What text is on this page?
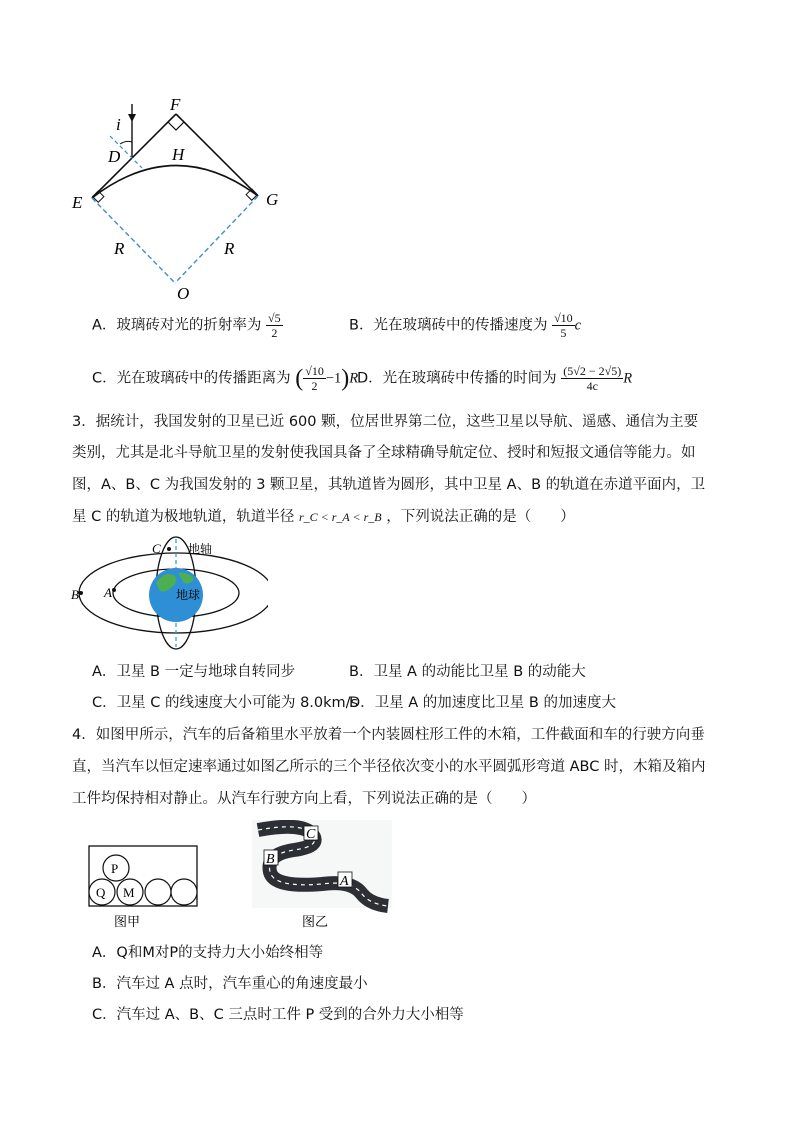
F
i
D	H
E	G
R	R
O
A．玻璃砖对光的折射率为 $\frac{√5}{2}$	B．光在玻璃砖中的传播速度为 $\frac{√10}{5}$ c
C．光在玻璃砖中的传播距离为 ( $\frac{√10}{2} -1)R$
D．光在玻璃砖中传播的时间为 $\frac{(5√2 - 2√5)}{4c}$ R
3．据统计，我国发射的卫星已近 600 颗，位居世界第二位，这些卫星以导航、遥感、通信为主要
类别，尤其是北斗导航卫星的发射使我国具备了全球精确导航定位、授时和短报文通信等能力。如
图，A、B、C 为我国发射的 3 颗卫星，其轨道皆为圆形，其中卫星 A、B 的轨道在赤道平面内，卫
星 C 的轨道为极地轨道，轨道半径 r_C < r_A < r_B ，下列说法正确的是（　　）
C 地轴
B A	地球
A．卫星 B 一定与地球自转同步	B．卫星 A 的动能比卫星 B 的动能大
C．卫星 C 的线速度大小可能为 8.0km/s
D．卫星 A 的加速度比卫星 B 的加速度大
4．如图甲所示，汽车的后备箱里水平放着一个内装圆柱形工件的木箱，工件截面和车的行驶方向垂
直，当汽车以恒定速率通过如图乙所示的三个半径依次变小的水平圆弧形弯道 ABC 时，木箱及箱内
工件均保持相对静止。从汽车行驶方向上看，下列说法正确的是（　　）
P
Q M
图甲
C
B
A
图乙
A．Q和M对P的支持力大小始终相等
B．汽车过 A 点时，汽车重心的角速度最小
C．汽车过 A、B、C 三点时工件 P 受到的合外力大小相等
